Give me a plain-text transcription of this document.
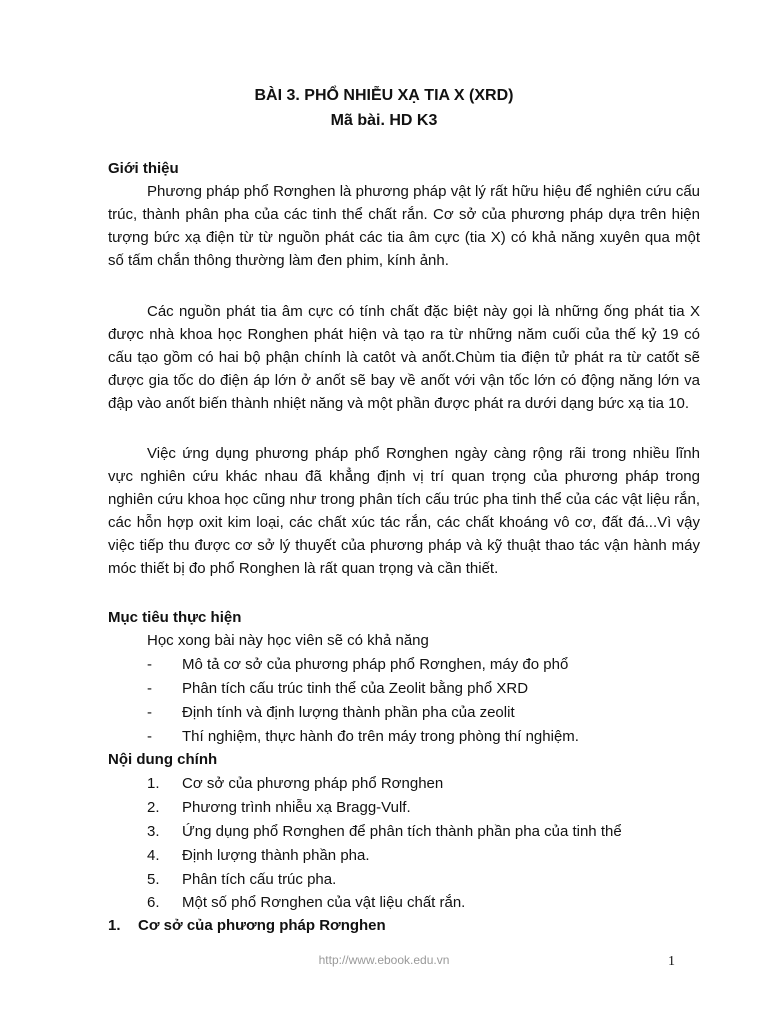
BÀI 3. PHỔ NHIỄU XẠ TIA X (XRD)
Mã bài. HD K3
Giới thiệu

Phương pháp phổ Rơnghen là phương pháp vật lý rất hữu hiệu để nghiên cứu cấu trúc, thành phân pha của các tinh thể chất rắn. Cơ sở của phương pháp dựa trên hiện tượng bức xạ điện từ từ nguồn phát các tia âm cực (tia X) có khả năng xuyên qua một số tấm chắn thông thường làm đen phim, kính ảnh.

Các nguồn phát tia âm cực có tính chất đặc biệt này gọi là những ống phát tia X được nhà khoa học Ronghen phát hiện và tạo ra từ những năm cuối của thế kỷ 19 có cấu tạo gồm có hai bộ phận chính là catôt và anốt.Chùm tia điện tử phát ra từ catốt sẽ được gia tốc do điện áp lớn ở anốt sẽ bay về anốt với vận tốc lớn có động năng lớn va đập vào anốt biến thành nhiệt năng và một phần được phát ra dưới dạng bức xạ tia 10.

Việc ứng dụng phương pháp phổ Rơnghen ngày càng rộng rãi trong nhiều lĩnh vực nghiên cứu khác nhau đã khẳng định vị trí quan trọng của phương pháp trong nghiên cứu khoa học cũng như trong phân tích cấu trúc pha tinh thể của các vật liệu rắn, các hỗn hợp oxit kim loại, các chất xúc tác rắn, các chất khoáng vô cơ, đất đá...Vì vậy việc tiếp thu được cơ sở lý thuyết của phương pháp và kỹ thuật thao tác vận hành máy móc thiết bị đo phổ Ronghen là rất quan trọng và cần thiết.

Mục tiêu thực hiện
Học xong bài này học viên sẽ có khả năng
- Mô tả cơ sở của phương pháp phổ Rơnghen, máy đo phổ
- Phân tích cấu trúc tinh thể của Zeolit bằng phổ XRD
- Định tính và định lượng thành phần pha của zeolit
- Thí nghiệm, thực hành đo trên máy trong phòng thí nghiệm.
Nội dung chính
1. Cơ sở của phương pháp phổ Rơnghen
2. Phương trình nhiễu xạ Bragg-Vulf.
3. Ứng dụng phổ Rơnghen để phân tích thành phần pha của tinh thể
4. Định lượng thành phần pha.
5. Phân tích cấu trúc pha.
6. Một số phổ Rơnghen của vật liệu chất rắn.
1. Cơ sở của phương pháp Rơnghen
http://www.ebook.edu.vn	1
